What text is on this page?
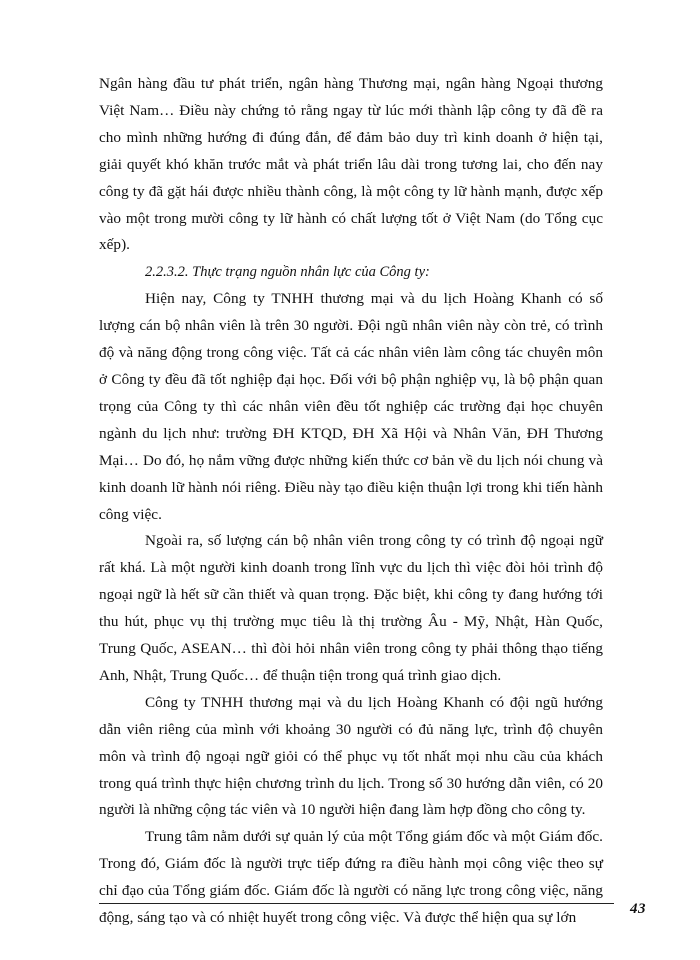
Ngân hàng đầu tư phát triển, ngân hàng Thương mại, ngân hàng Ngoại thương Việt Nam… Điều này chứng tỏ rằng ngay từ lúc mới thành lập công ty đã đề ra cho mình những hướng đi đúng đắn, để đảm bảo duy trì kinh doanh ở hiện tại, giải quyết khó khăn trước mắt và phát triển lâu dài trong tương lai, cho đến nay công ty đã gặt hái được nhiều thành công, là một công ty lữ hành mạnh, được xếp vào một trong mười công ty lữ hành có chất lượng tốt ở Việt Nam (do Tổng cục xếp).

2.2.3.2. Thực trạng nguồn nhân lực của Công ty:

Hiện nay, Công ty TNHH thương mại và du lịch Hoàng Khanh có số lượng cán bộ nhân viên là trên 30 người. Đội ngũ nhân viên này còn trẻ, có trình độ và năng động trong công việc. Tất cả các nhân viên làm công tác chuyên môn ở Công ty đều đã tốt nghiệp đại học. Đối với bộ phận nghiệp vụ, là bộ phận quan trọng của Công ty thì các nhân viên đều tốt nghiệp các trường đại học chuyên ngành du lịch như: trường ĐH KTQD, ĐH Xã Hội và Nhân Văn, ĐH Thương Mại… Do đó, họ nắm vững được những kiến thức cơ bản về du lịch nói chung và kinh doanh lữ hành nói riêng. Điều này tạo điều kiện thuận lợi trong khi tiến hành công việc.

Ngoài ra, số lượng cán bộ nhân viên trong công ty có trình độ ngoại ngữ rất khá. Là một người kinh doanh trong lĩnh vực du lịch thì việc đòi hỏi trình độ ngoại ngữ là hết sữ cần thiết và quan trọng. Đặc biệt, khi công ty đang hướng tới thu hút, phục vụ thị trường mục tiêu là thị trường Âu - Mỹ, Nhật, Hàn Quốc, Trung Quốc, ASEAN… thì đòi hỏi nhân viên trong công ty phải thông thạo tiếng Anh, Nhật, Trung Quốc… để thuận tiện trong quá trình giao dịch.

Công ty TNHH thương mại và du lịch Hoàng Khanh có đội ngũ hướng dẫn viên riêng của mình với khoảng 30 người có đủ năng lực, trình độ chuyên môn và trình độ ngoại ngữ giỏi có thể phục vụ tốt nhất mọi nhu cầu của khách trong quá trình thực hiện chương trình du lịch. Trong số 30 hướng dẫn viên, có 20 người là những cộng tác viên và 10 người hiện đang làm hợp đồng cho công ty.

Trung tâm nằm dưới sự quản lý của một Tổng giám đốc và một Giám đốc. Trong đó, Giám đốc là người trực tiếp đứng ra điều hành mọi công việc theo sự chỉ đạo của Tổng giám đốc. Giám đốc là người có năng lực trong công việc, năng động, sáng tạo và có nhiệt huyết trong công việc. Và được thể hiện qua sự lớn

43
